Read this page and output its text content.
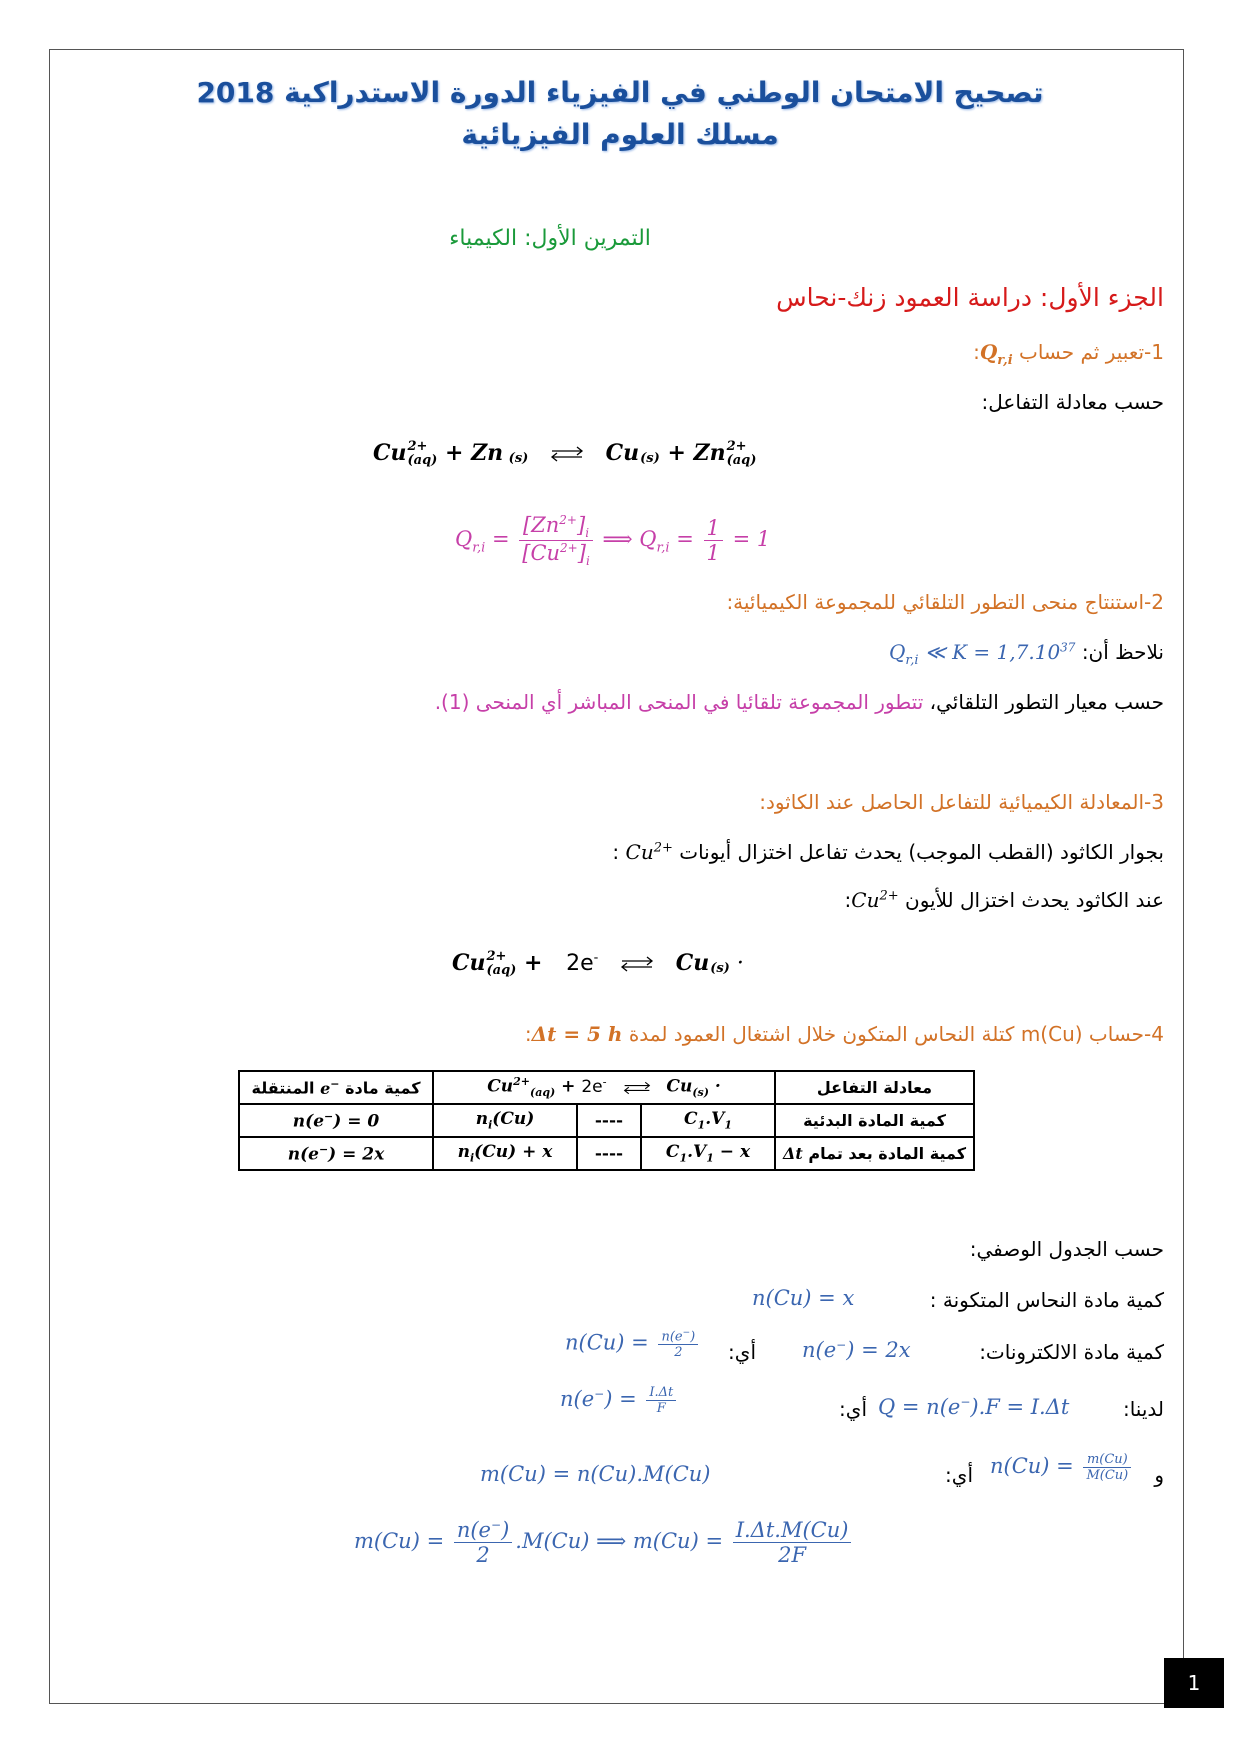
تصحيح الامتحان الوطني في الفيزياء الدورة الاستدراكية 2018
مسلك العلوم الفيزيائية
التمرين الأول: الكيمياء
الجزء الأول: دراسة العمود زنك-نحاس
1-تعبير ثم حساب $Q_{r,i}$:
حسب معادلة التفاعل:
Cu 2+
(aq) + Zn (s) ⇌ Cu(s) + Zn 2+
(aq)
$Q_{r,i} = \frac{[Zn^{2+}]_i}{[Cu^{2+}]_i}$ ⟹ $Q_{r,i} = \frac{1}{1} = 1$
2-استنتاج منحى التطور التلقائي للمجموعة الكيميائية:
نلاحظ أن:  $Q_{r,i}$ ≪ $K = 1,7.10^{37}$
حسب معيار التطور التلقائي، تتطور المجموعة تلقائيا في المنحى المباشر أي المنحى (1).
3-المعادلة الكيميائية للتفاعل الحاصل عند الكاثود:
بجوار الكاثود (القطب الموجب) يحدث تفاعل اختزال أيونات $Cu^{2+}$ :
عند الكاثود يحدث اختزال للأيون $Cu^{2+}$:
Cu 2+
(aq) + 2e- ⇌ Cu(s) ·
4-حساب m(Cu) كتلة النحاس المتكون خلال اشتغال العمود لمدة Δt = 5 h:
كمية مادة e− المنتقلة	$Cu^{2+}_{(aq)} + 2e^-$ ⇌ $Cu_{(s)}$ ·			معادلة التفاعل
n(e−) = 0	$n_i(Cu)$	----	$C_1.V_1$	كمية المادة البدئية
n(e−) = 2x	$n_i(Cu) + x$	----	$C_1.V_1 - x$	كمية المادة بعد تمام Δt
حسب الجدول الوصفي:
كمية مادة النحاس المتكونة :
n(Cu) = x
كمية مادة الالكترونات:
n(e−) = 2x
أي:
$n(Cu) = \frac{n(e^-)}{2}$
لدينا:
Q = n(e−).F = I.Δt
أي:
$n(e^-) = \frac{I.\Delta t}{F}$
و
$n(Cu) = \frac{m(Cu)}{M(Cu)}$
أي:
m(Cu) = n(Cu).M(Cu)
$m(Cu) = \frac{n(e^-)}{2} .M(Cu)$ ⟹ $m(Cu) = \frac{I.\Delta t.M(Cu)}{2F}$
1
